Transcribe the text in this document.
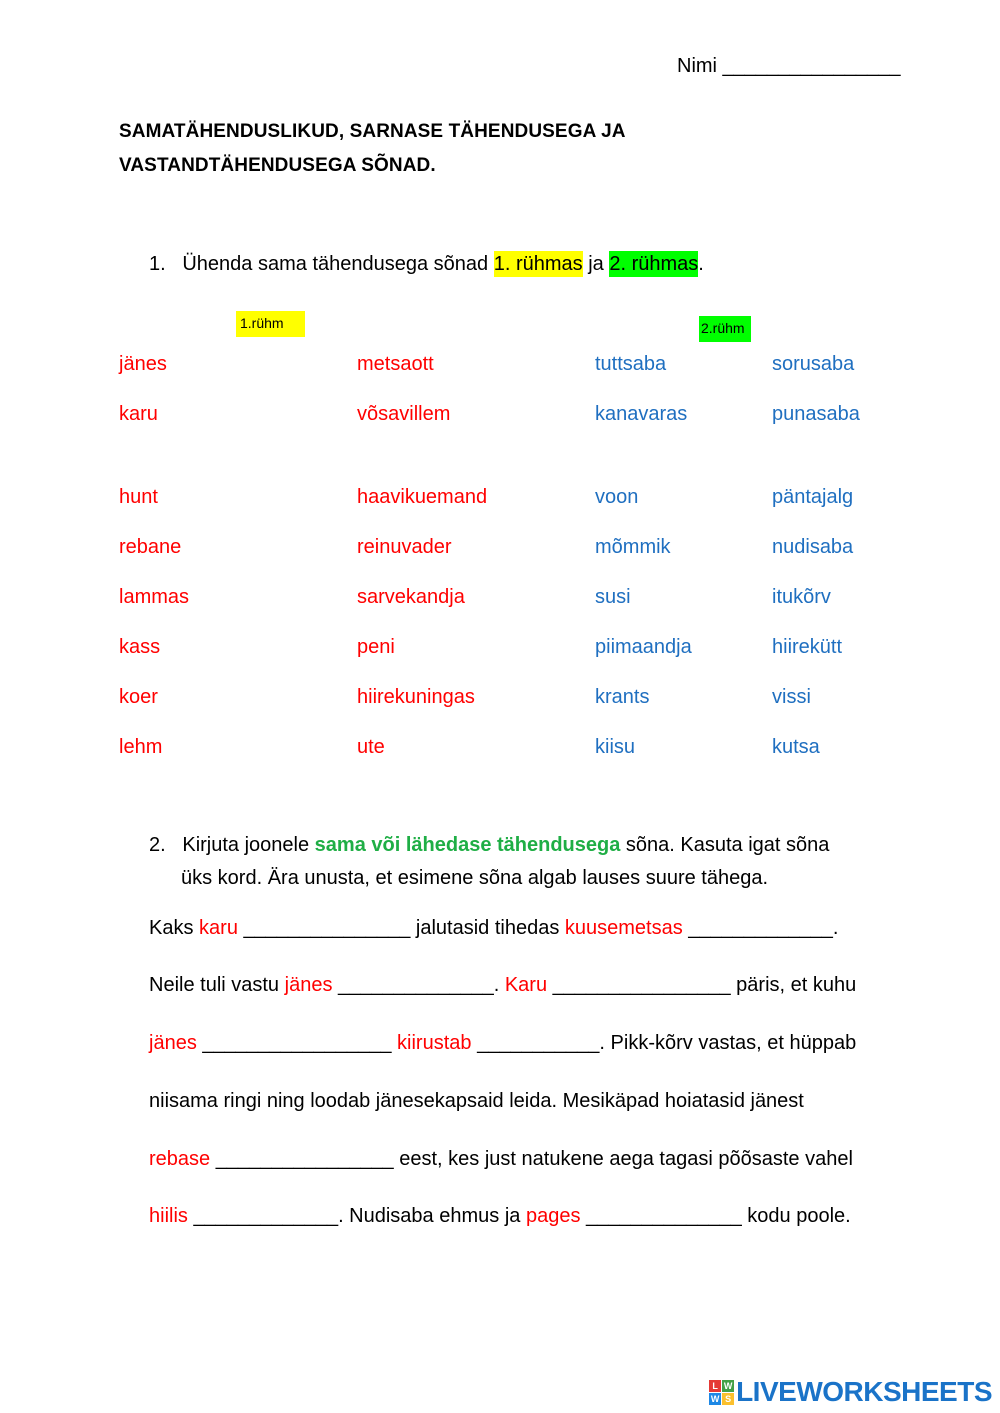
Nimi ________________
SAMATÄHENDUSLIKUD, SARNASE TÄHENDUSEGA JA
VASTANDTÄHENDUSEGA SÕNAD.
1. Ühenda sama tähendusega sõnad 1. rühmas ja 2. rühmas.
1.rühm	2.rühm
jänes	metsaott	tuttsaba	sorusaba
karu	võsavillem	kanavaras	punasaba
hunt	haavikuemand	voon	päntajalg
rebane	reinuvader	mõmmik	nudisaba
lammas	sarvekandja	susi	itukõrv
kass	peni	piimaandja	hiirekütt
koer	hiirekuningas	krants	vissi
lehm	ute	kiisu	kutsa
2. Kirjuta joonele sama või lähedase tähendusega sõna. Kasuta igat sõna
üks kord. Ära unusta, et esimene sõna algab lauses suure tähega.
Kaks karu _______________ jalutasid tihedas kuusemetsas _____________.
Neile tuli vastu jänes ______________. Karu ________________ päris, et kuhu
jänes _________________ kiirustab ___________. Pikk-kõrv vastas, et hüppab
niisama ringi ning loodab jänesekapsaid leida. Mesikäpad hoiatasid jänest
rebase ________________ eest, kes just natukene aega tagasi põõsaste vahel
hiilis _____________. Nudisaba ehmus ja pages ______________ kodu poole.
L W
W S LIVEWORKSHEETS
